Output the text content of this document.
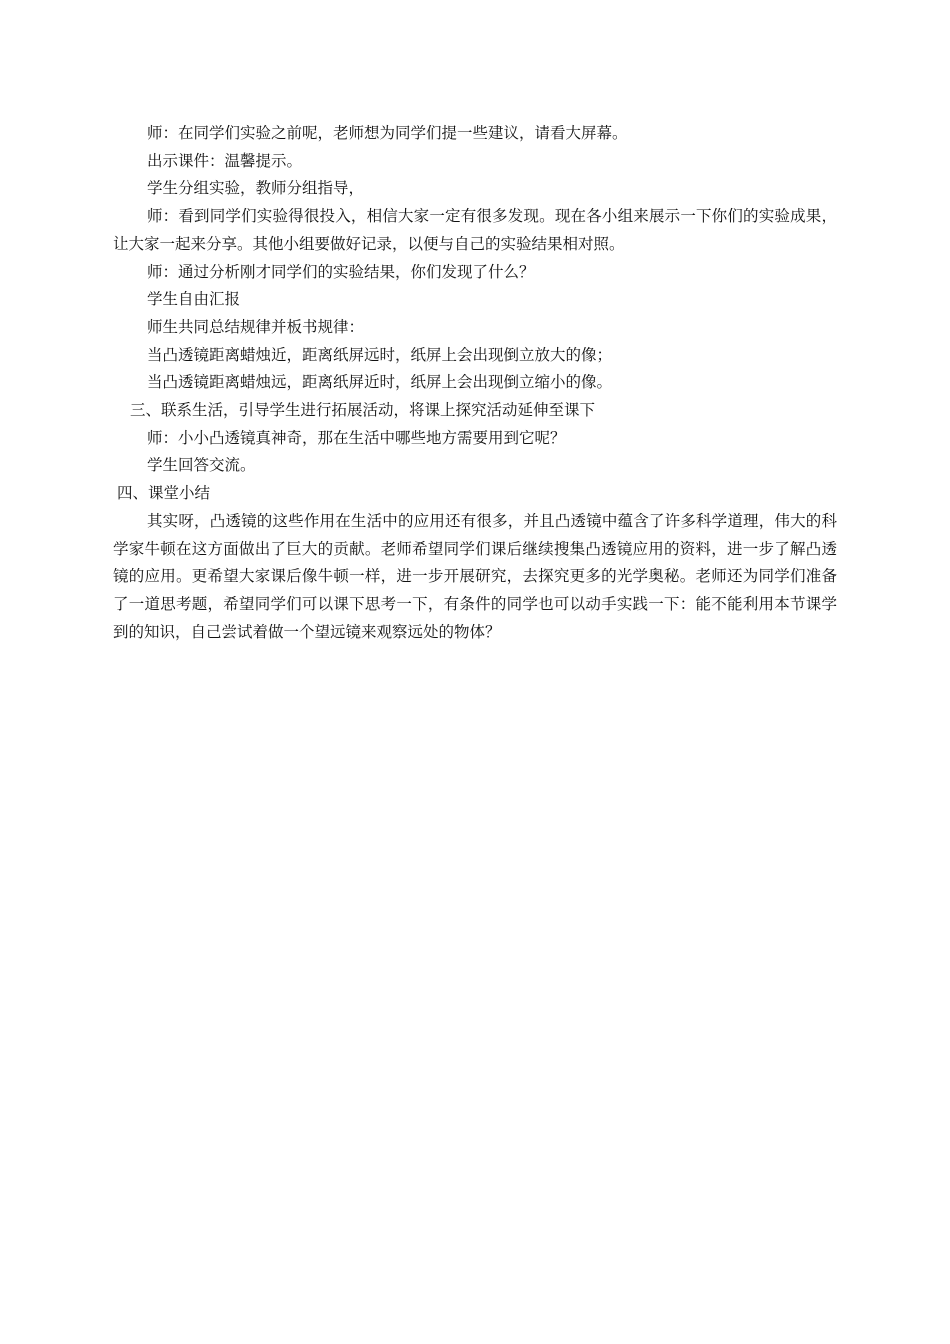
师：在同学们实验之前呢，老师想为同学们提一些建议，请看大屏幕。

出示课件：温馨提示。

学生分组实验，教师分组指导，

师：看到同学们实验得很投入，相信大家一定有很多发现。现在各小组来展示一下你们的实验成果，让大家一起来分享。其他小组要做好记录，以便与自己的实验结果相对照。

师：通过分析刚才同学们的实验结果，你们发现了什么？

学生自由汇报

师生共同总结规律并板书规律：

当凸透镜距离蜡烛近，距离纸屏远时，纸屏上会出现倒立放大的像；

当凸透镜距离蜡烛远，距离纸屏近时，纸屏上会出现倒立缩小的像。

三、联系生活，引导学生进行拓展活动，将课上探究活动延伸至课下

师：小小凸透镜真神奇，那在生活中哪些地方需要用到它呢？

学生回答交流。

四、课堂小结

其实呀，凸透镜的这些作用在生活中的应用还有很多，并且凸透镜中蕴含了许多科学道理，伟大的科学家牛顿在这方面做出了巨大的贡献。老师希望同学们课后继续搜集凸透镜应用的资料，进一步了解凸透镜的应用。更希望大家课后像牛顿一样，进一步开展研究，去探究更多的光学奥秘。老师还为同学们准备了一道思考题，希望同学们可以课下思考一下，有条件的同学也可以动手实践一下：能不能利用本节课学到的知识，自己尝试着做一个望远镜来观察远处的物体？
